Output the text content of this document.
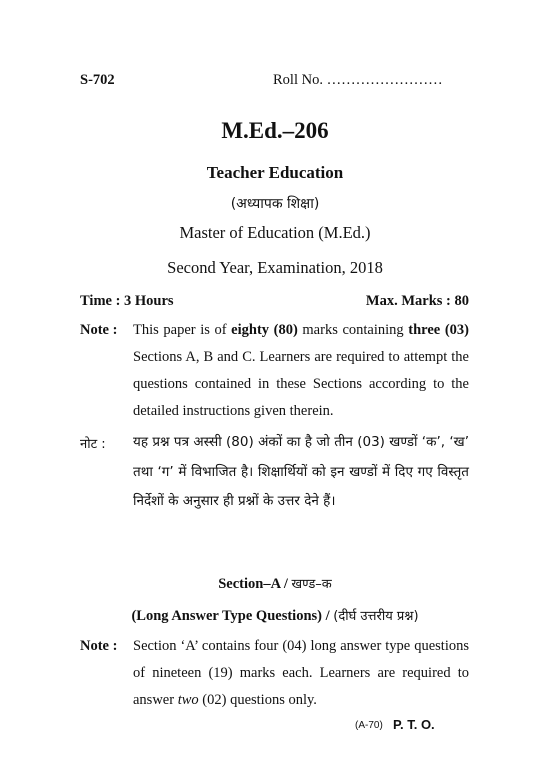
S-702	Roll No. ……………………
M.Ed.–206
Teacher Education
(अध्यापक शिक्षा)
Master of Education (M.Ed.)
Second Year, Examination, 2018
Time : 3 Hours	Max. Marks : 80
Note : This paper is of eighty (80) marks containing three (03) Sections A, B and C. Learners are required to attempt the questions contained in these Sections according to the detailed instructions given therein.
नोट : यह प्रश्न पत्र अस्सी (80) अंकों का है जो तीन (03) खण्डों ‘क’, ‘ख’ तथा ‘ग’ में विभाजित है। शिक्षार्थियों को इन खण्डों में दिए गए विस्तृत निर्देशों के अनुसार ही प्रश्नों के उत्तर देने हैं।
Section–A / खण्ड–क
(Long Answer Type Questions) / (दीर्घ उत्तरीय प्रश्न)
Note : Section ‘A’ contains four (04) long answer type questions of nineteen (19) marks each. Learners are required to answer two (02) questions only.
(A-70) P. T. O.
